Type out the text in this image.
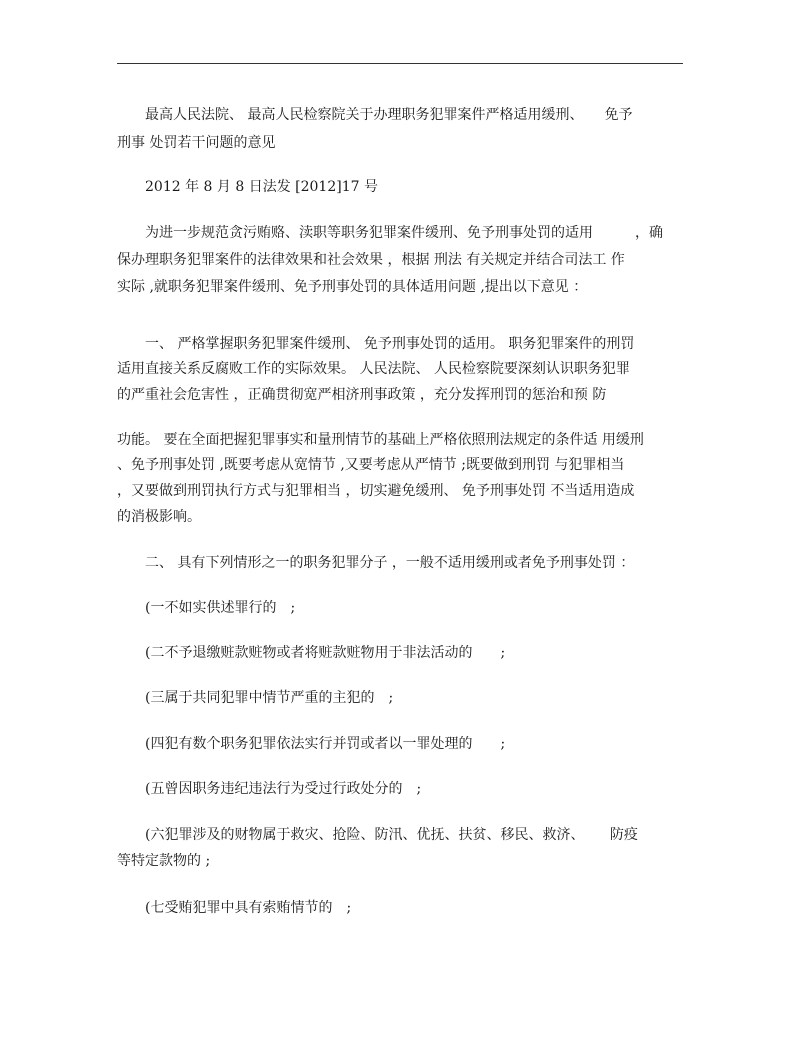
　　最高人民法院、 最高人民检察院关于办理职务犯罪案件严格适用缓刑、　　免予

刑事 处罚若干问题的意见

　　2012 年 8 月 8 日法发 [2012]17 号

　　为进一步规范贪污贿赂、渎职等职务犯罪案件缓刑、免予刑事处罚的适用　　　，确

保办理职务犯罪案件的法律效果和社会效果 ，根据 刑法 有关规定并结合司法工 作

实际 ,就职务犯罪案件缓刑、免予刑事处罚的具体适用问题 ,提出以下意见 ：

　　一、 严格掌握职务犯罪案件缓刑、 免予刑事处罚的适用。 职务犯罪案件的刑罚

适用直接关系反腐败工作的实际效果。 人民法院、 人民检察院要深刻认识职务犯罪

的严重社会危害性 ，正确贯彻宽严相济刑事政策 ，充分发挥刑罚的惩治和预 防

功能。 要在全面把握犯罪事实和量刑情节的基础上严格依照刑法规定的条件适 用缓刑

、免予刑事处罚 ,既要考虑从宽情节 ,又要考虑从严情节 ;既要做到刑罚 与犯罪相当

，又要做到刑罚执行方式与犯罪相当 ，切实避免缓刑、 免予刑事处罚 不当适用造成

的消极影响。

　　二、 具有下列情形之一的职务犯罪分子 ，一般不适用缓刑或者免予刑事处罚 ：

　　(一不如实供述罪行的　;

　　(二不予退缴赃款赃物或者将赃款赃物用于非法活动的　　;

　　(三属于共同犯罪中情节严重的主犯的　;

　　(四犯有数个职务犯罪依法实行并罚或者以一罪处理的　　;

　　(五曾因职务违纪违法行为受过行政处分的　;

　　(六犯罪涉及的财物属于救灾、抢险、防汛、优抚、扶贫、移民、救济、　　 防疫

等特定款物的 ;

　　(七受贿犯罪中具有索贿情节的　;
